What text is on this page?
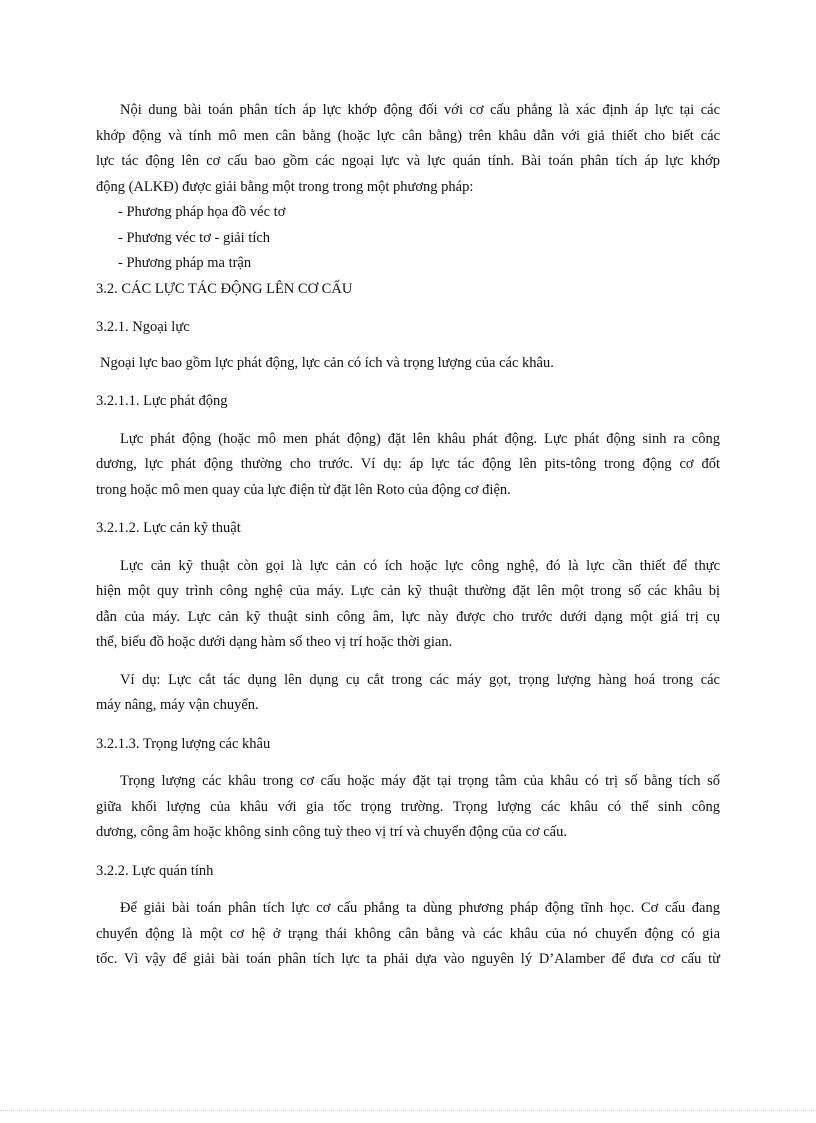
Nội dung bài toán phân tích áp lực khớp động đối với cơ cấu phẳng là xác định áp lực tại các

khớp động và tính mô men cân bằng (hoặc lực cân bằng) trên khâu dẫn với giả thiết cho biết các

lực tác động lên cơ cấu bao gồm các ngoại lực và lực quán tính. Bài toán phân tích áp lực khớp

động (ALKĐ) được giải bằng một trong trong một phương pháp:

- Phương pháp họa đồ véc tơ

- Phương véc tơ - giải tích

- Phương pháp ma trận

3.2. CÁC LỰC TÁC ĐỘNG LÊN CƠ CẤU

3.2.1. Ngoại lực

Ngoại lực bao gồm lực phát động, lực cản có ích và trọng lượng của các khâu.

3.2.1.1. Lực phát động

Lực phát động (hoặc mô men phát động) đặt lên khâu phát động. Lực phát động sinh ra công

dương, lực phát động thường cho trước. Ví dụ: áp lực tác động lên pits-tông trong động cơ đốt

trong hoặc mô men quay của lực điện từ đặt lên Roto của động cơ điện.

3.2.1.2. Lực cản kỹ thuật

Lực cản kỹ thuật còn gọi là lực cản có ích hoặc lực công nghệ, đó là lực cần thiết để thực

hiện một quy trình công nghệ của máy. Lực cản kỹ thuật thường đặt lên một trong số các khâu bị

dẫn của máy. Lực cản kỹ thuật sinh công âm, lực này được cho trước dưới dạng một giá trị cụ

thể, biểu đồ hoặc dưới dạng hàm số theo vị trí hoặc thời gian.

Ví dụ: Lực cắt tác dụng lên dụng cụ cắt trong các máy gọt, trọng lượng hàng hoá trong các

máy nâng, máy vận chuyển.

3.2.1.3. Trọng lượng các khâu

Trọng lượng các khâu trong cơ cấu hoặc máy đặt tại trọng tâm của khâu có trị số bằng tích số

giữa khối lượng của khâu với gia tốc trọng trường. Trọng lượng các khâu có thể sinh công

dương, công âm hoặc không sinh công tuỳ theo vị trí và chuyển động của cơ cấu.

3.2.2. Lực quán tính

Để giải bài toán phân tích lực cơ cấu phẳng ta dùng phương pháp động tĩnh học. Cơ cấu đang

chuyển động là một cơ hệ ở trạng thái không cân bằng và các khâu của nó chuyển động có gia

tốc. Vì vậy để giải bài toán phân tích lực ta phải dựa vào nguyên lý D’Alamber để đưa cơ cấu từ
